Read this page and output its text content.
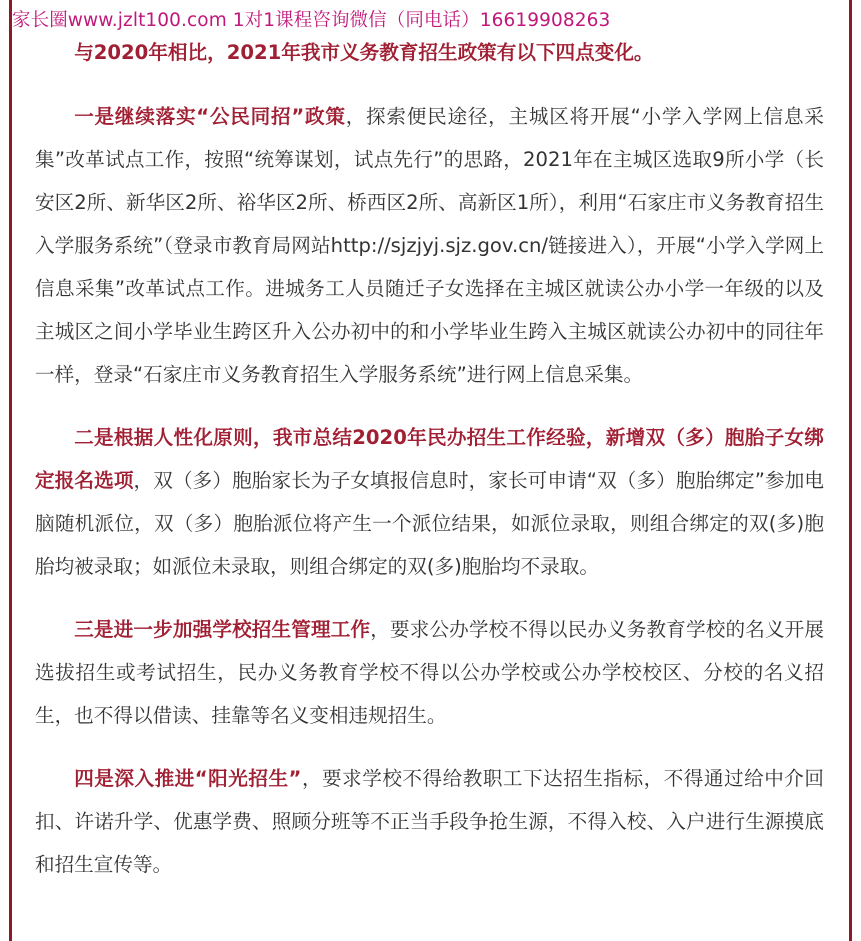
家长圈www.jzlt100.com 1对1课程咨询微信（同电话）16619908263

与2020年相比，2021年我市义务教育招生政策有以下四点变化。

一是继续落实“公民同招”政策，探索便民途径，主城区将开展“小学入学网上信息采集”改革试点工作，按照“统筹谋划，试点先行”的思路，2021年在主城区选取9所小学（长安区2所、新华区2所、裕华区2所、桥西区2所、高新区1所），利用“石家庄市义务教育招生入学服务系统”（登录市教育局网站http://sjzjyj.sjz.gov.cn/链接进入），开展“小学入学网上信息采集”改革试点工作。进城务工人员随迁子女选择在主城区就读公办小学一年级的以及主城区之间小学毕业生跨区升入公办初中的和小学毕业生跨入主城区就读公办初中的同往年一样，登录“石家庄市义务教育招生入学服务系统”进行网上信息采集。

二是根据人性化原则，我市总结2020年民办招生工作经验，新增双（多）胞胎子女绑定报名选项，双（多）胞胎家长为子女填报信息时，家长可申请“双（多）胞胎绑定”参加电脑随机派位，双（多）胞胎派位将产生一个派位结果，如派位录取，则组合绑定的双(多)胞胎均被录取；如派位未录取，则组合绑定的双(多)胞胎均不录取。

三是进一步加强学校招生管理工作，要求公办学校不得以民办义务教育学校的名义开展选拔招生或考试招生，民办义务教育学校不得以公办学校或公办学校校区、分校的名义招生，也不得以借读、挂靠等名义变相违规招生。

四是深入推进“阳光招生”，要求学校不得给教职工下达招生指标，不得通过给中介回扣、许诺升学、优惠学费、照顾分班等不正当手段争抢生源，不得入校、入户进行生源摸底和招生宣传等。
